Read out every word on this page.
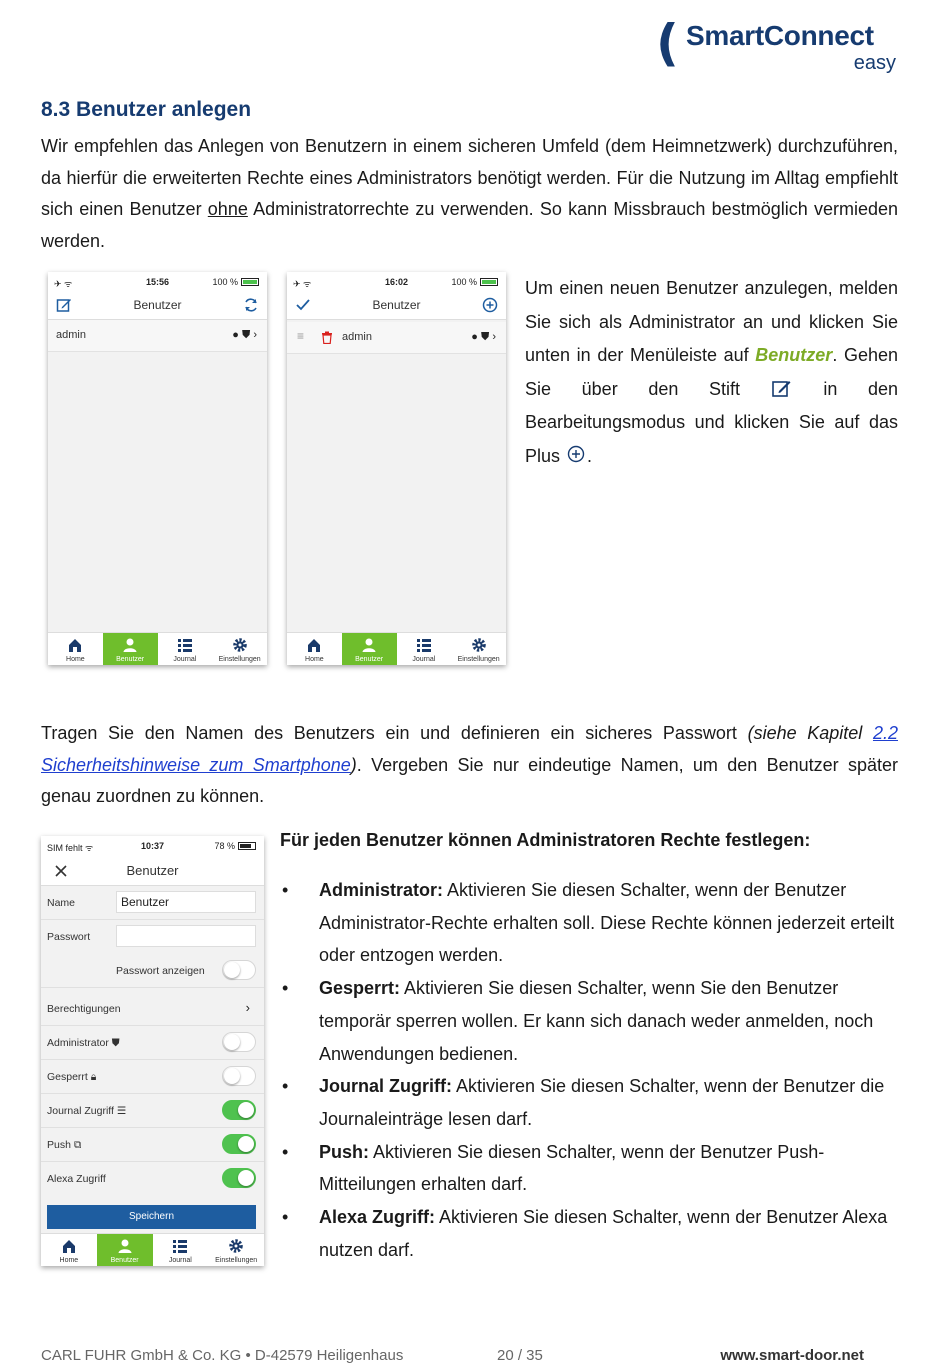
( SmartConnect
easy
8.3 Benutzer anlegen

Wir empfehlen das Anlegen von Benutzern in einem sicheren Umfeld (dem Heimnetzwerk) durchzuführen, da hierfür die erweiterten Rechte eines Administrators benötigt werden. Für die Nutzung im Alltag empfiehlt sich einen Benutzer ohne Administratorrechte zu verwenden. So kann Missbrauch bestmöglich vermieden werden.

✈ ᯤ	15:56	100 %
Benutzer
admin	● ⛊ ›
Home	Benutzer	Journal	Einstellungen
✈ ᯤ	16:02	100 %
Benutzer
≡	admin	● ⛊ ›
Home	Benutzer	Journal	Einstellungen

Um einen neuen Benutzer anzulegen, melden Sie sich als Administrator an und klicken Sie unten in der Menüleiste auf Benutzer. Gehen Sie über den Stift  in den Bearbeitungsmodus und klicken Sie auf das Plus .

Tragen Sie den Namen des Benutzers ein und definieren ein sicheres Passwort (siehe Kapitel 2.2 Sicherheitshinweise zum Smartphone). Vergeben Sie nur eindeutige Namen, um den Benutzer später genau zuordnen zu können.

SIM fehlt ᯤ	10:37	78 %
Benutzer
Name	Benutzer
Passwort
Passwort anzeigen
Berechtigungen	›
Administrator ⛊
Gesperrt 🔒︎
Journal Zugriff ☰
Push ⧉
Alexa Zugriff
Speichern
Home	Benutzer	Journal	Einstellungen
Für jeden Benutzer können Administratoren Rechte festlegen:
• Administrator: Aktivieren Sie diesen Schalter, wenn der Benutzer Administrator-Rechte erhalten soll. Diese Rechte können jederzeit erteilt oder entzogen werden.
• Gesperrt: Aktivieren Sie diesen Schalter, wenn Sie den Benutzer temporär sperren wollen. Er kann sich danach weder anmelden, noch Anwendungen bedienen.
• Journal Zugriff: Aktivieren Sie diesen Schalter, wenn der Benutzer die Journaleinträge lesen darf.
• Push: Aktivieren Sie diesen Schalter, wenn der Benutzer Push-Mitteilungen erhalten darf.
• Alexa Zugriff: Aktivieren Sie diesen Schalter, wenn der Benutzer Alexa nutzen darf.
CARL FUHR GmbH & Co. KG • D-42579 Heiligenhaus	20 / 35	www.smart-door.net
